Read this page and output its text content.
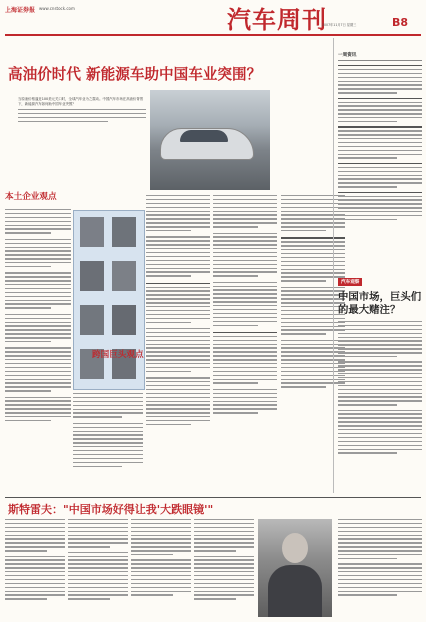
上海证券报 www.cnstock.com	汽车周刊
2007年11月7日 星期三	B8
高油价时代 新能源车助中国车业突围？
当原油价格逼近100美元关口时，全球汽车业为之震动。中国汽车市场在高油价背景下，新能源汽车如何助中国车业突围？
本土企业观点
跨国巨头观点
一周资讯
汽车观察
中国市场，巨头们的最大赌注？
斯特雷夫："中国市场好得让我'大跌眼镜'"
